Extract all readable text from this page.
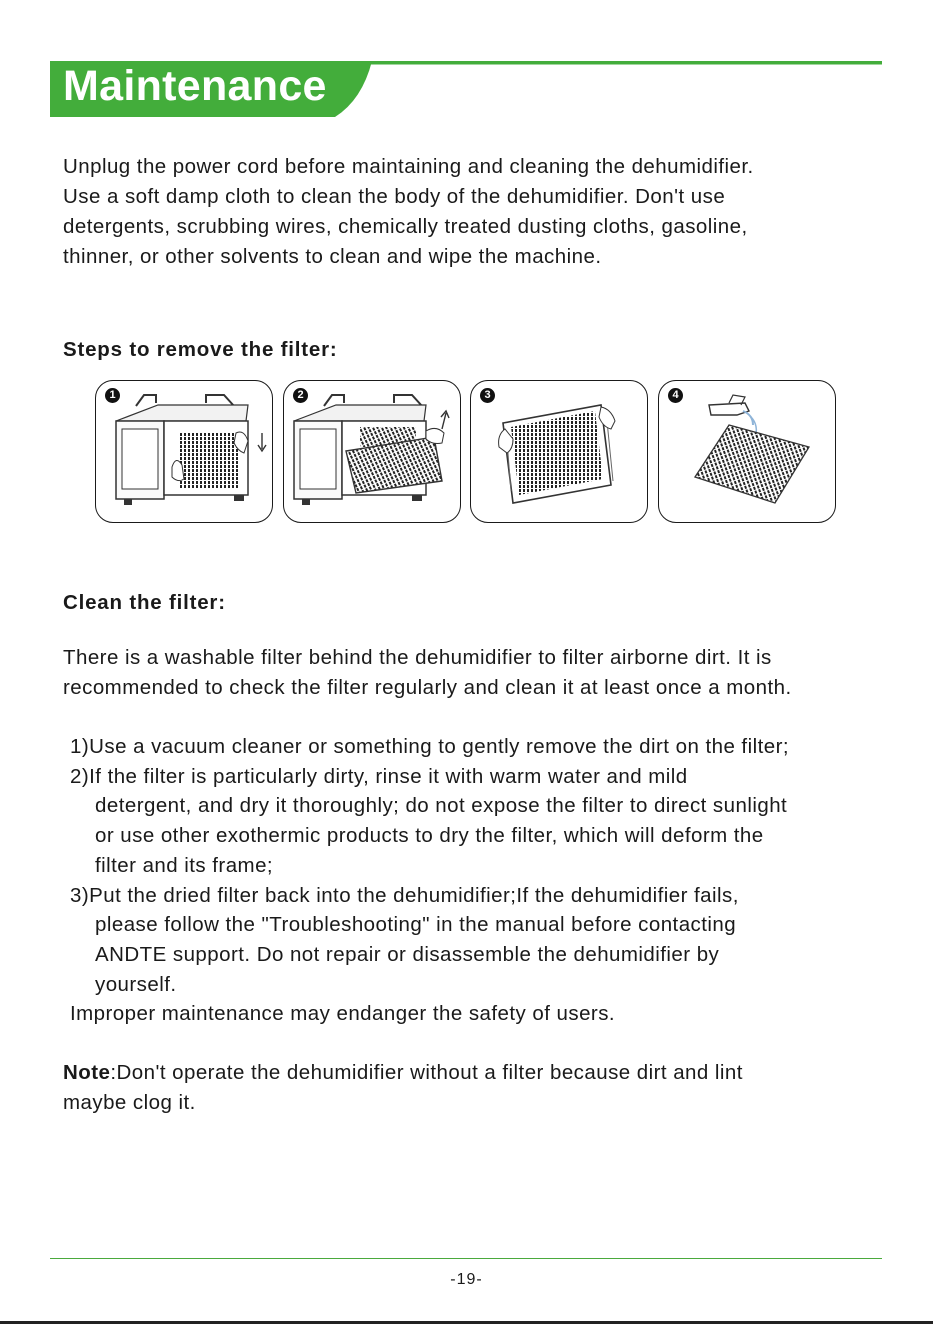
Maintenance

Unplug the power cord before maintaining and cleaning the dehumidifier.
Use a soft damp cloth to clean the body of the dehumidifier. Don't use
detergents, scrubbing wires, chemically treated dusting cloths, gasoline,
thinner, or other solvents to clean and wipe the machine.

Steps to remove the filter:
1	2	3	4
Clean the filter:

There is a washable filter behind the dehumidifier to filter airborne dirt. It is
recommended to check the filter regularly and clean it at least once a month.

1)Use a vacuum cleaner or something to gently remove the dirt on the filter;
2)If the filter is particularly dirty, rinse it with warm water and mild
detergent, and dry it thoroughly; do not expose the filter to direct sunlight
or use other exothermic products to dry the filter, which will deform the
filter and its frame;
3)Put the dried filter back into the dehumidifier;If the dehumidifier fails,
please follow the "Troubleshooting" in the manual before contacting
ANDTE support. Do not repair or disassemble the dehumidifier by
yourself.
Improper maintenance may endanger the safety of users.

Note:Don't operate the dehumidifier without a filter because dirt and lint
maybe clog it.

-19-
